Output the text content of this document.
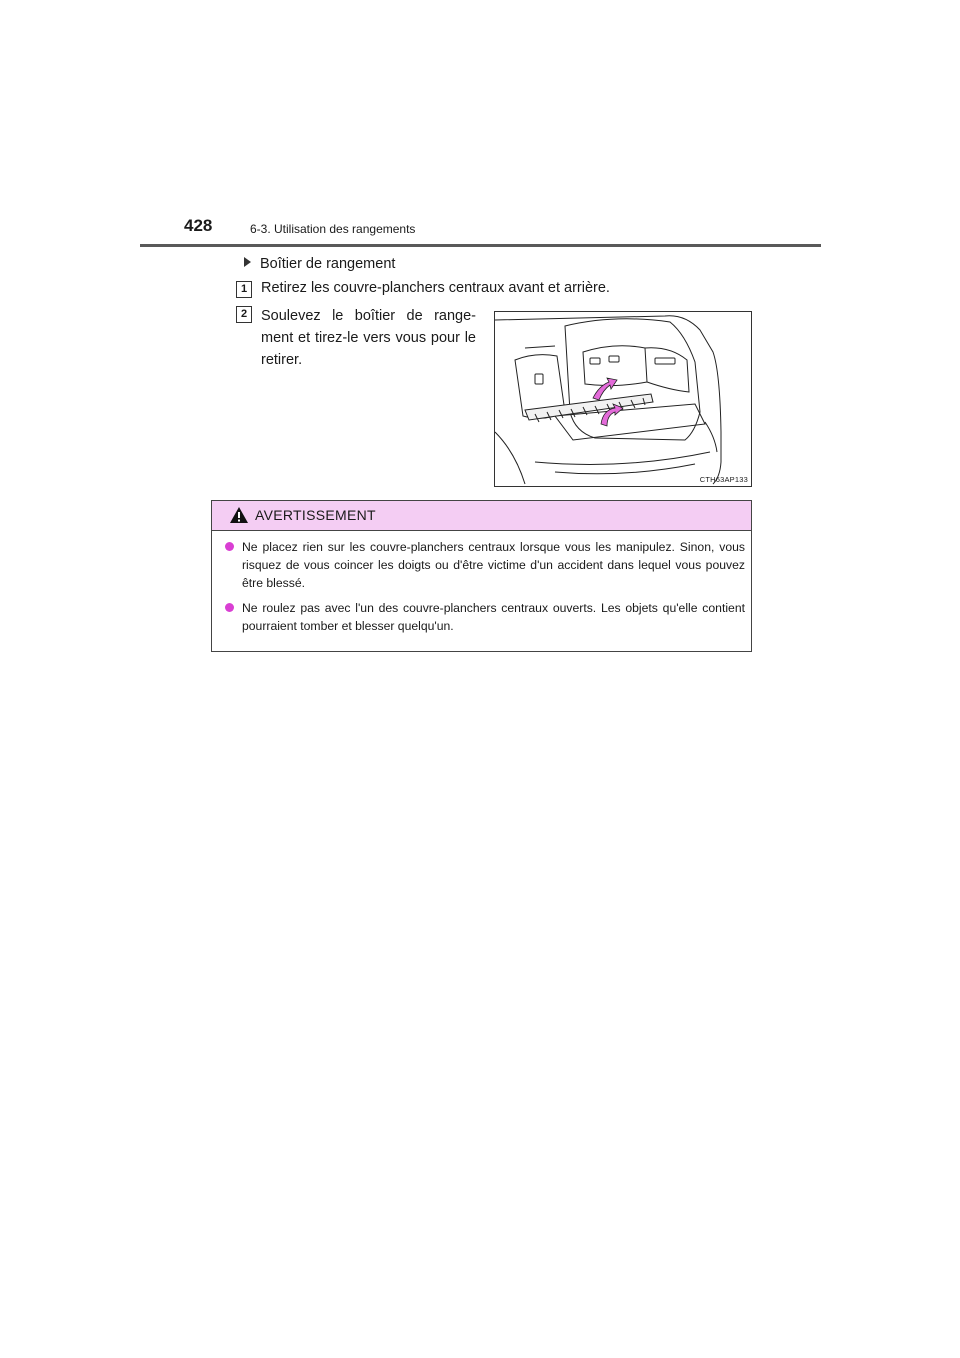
428	6-3. Utilisation des rangements
Boîtier de rangement
1 Retirez les couvre-planchers centraux avant et arrière.
2 Soulevez le boîtier de range-ment et tirez-le vers vous pour le retirer.
CTH63AP133
AVERTISSEMENT
Ne placez rien sur les couvre-planchers centraux lorsque vous les manipulez. Sinon, vous risquez de vous coincer les doigts ou d'être victime d'un accident dans lequel vous pouvez être blessé.
Ne roulez pas avec l'un des couvre-planchers centraux ouverts. Les objets qu'elle contient pourraient tomber et blesser quelqu'un.
